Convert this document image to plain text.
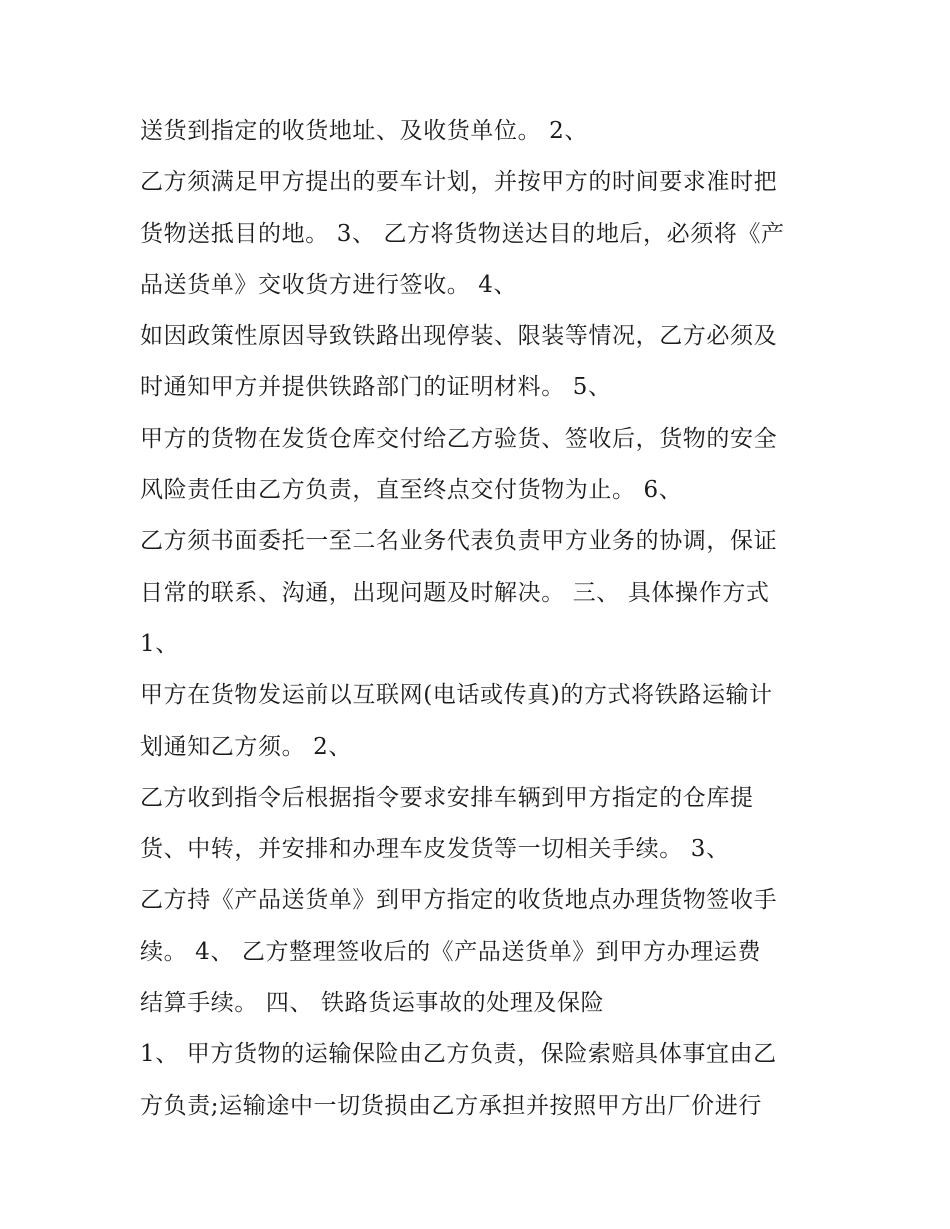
送货到指定的收货地址、及收货单位。 2、
乙方须满足甲方提出的要车计划，并按甲方的时间要求准时把
货物送抵目的地。 3、 乙方将货物送达目的地后，必须将《产
品送货单》交收货方进行签收。 4、
如因政策性原因导致铁路出现停装、限装等情况，乙方必须及
时通知甲方并提供铁路部门的证明材料。 5、
甲方的货物在发货仓库交付给乙方验货、签收后，货物的安全
风险责任由乙方负责，直至终点交付货物为止。 6、
乙方须书面委托一至二名业务代表负责甲方业务的协调，保证
日常的联系、沟通，出现问题及时解决。 三、 具体操作方式
1、
甲方在货物发运前以互联网(电话或传真)的方式将铁路运输计
划通知乙方须。 2、
乙方收到指令后根据指令要求安排车辆到甲方指定的仓库提
货、中转，并安排和办理车皮发货等一切相关手续。 3、
乙方持《产品送货单》到甲方指定的收货地点办理货物签收手
续。 4、 乙方整理签收后的《产品送货单》到甲方办理运费
结算手续。 四、 铁路货运事故的处理及保险
1、 甲方货物的运输保险由乙方负责，保险索赔具体事宜由乙
方负责;运输途中一切货损由乙方承担并按照甲方出厂价进行
